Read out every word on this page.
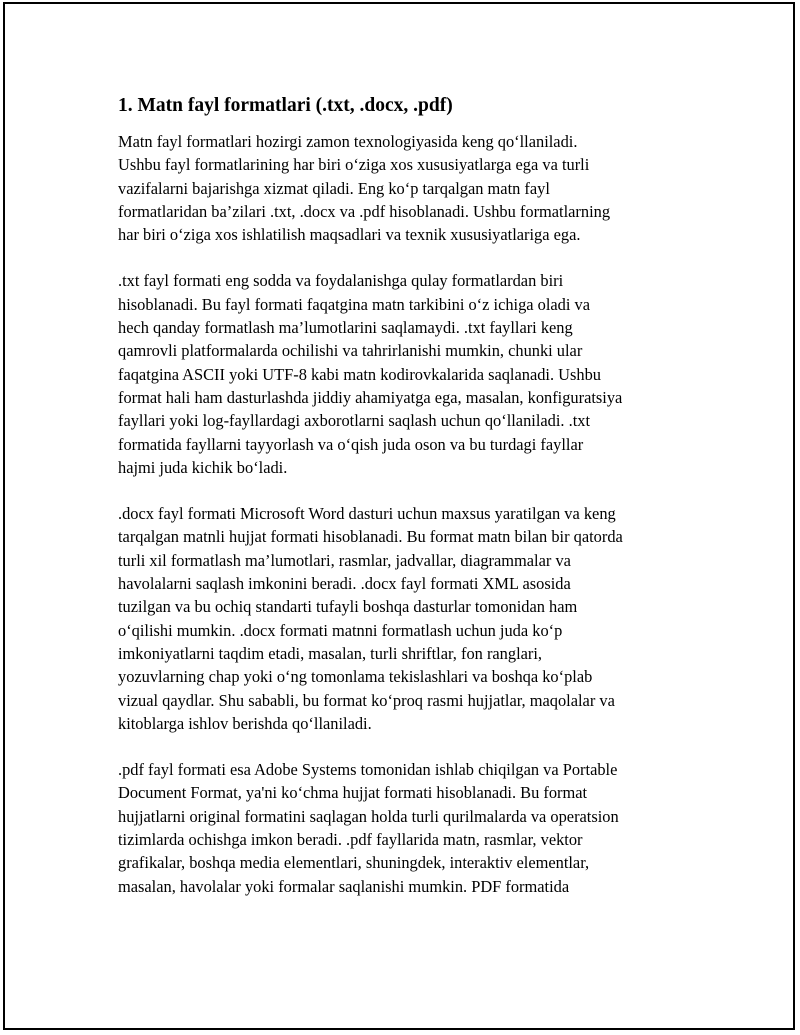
1. Matn fayl formatlari (.txt, .docx, .pdf)
Matn fayl formatlari hozirgi zamon texnologiyasida keng qo‘llaniladi.
Ushbu fayl formatlarining har biri o‘ziga xos xususiyatlarga ega va turli
vazifalarni bajarishga xizmat qiladi. Eng ko‘p tarqalgan matn fayl
formatlaridan ba’zilari .txt, .docx va .pdf hisoblanadi. Ushbu formatlarning
har biri o‘ziga xos ishlatilish maqsadlari va texnik xususiyatlariga ega.
.txt fayl formati eng sodda va foydalanishga qulay formatlardan biri
hisoblanadi. Bu fayl formati faqatgina matn tarkibini o‘z ichiga oladi va
hech qanday formatlash ma’lumotlarini saqlamaydi. .txt fayllari keng
qamrovli platformalarda ochilishi va tahrirlanishi mumkin, chunki ular
faqatgina ASCII yoki UTF-8 kabi matn kodirovkalarida saqlanadi. Ushbu
format hali ham dasturlashda jiddiy ahamiyatga ega, masalan, konfiguratsiya
fayllari yoki log-fayllardagi axborotlarni saqlash uchun qo‘llaniladi. .txt
formatida fayllarni tayyorlash va o‘qish juda oson va bu turdagi fayllar
hajmi juda kichik bo‘ladi.
.docx fayl formati Microsoft Word dasturi uchun maxsus yaratilgan va keng
tarqalgan matnli hujjat formati hisoblanadi. Bu format matn bilan bir qatorda
turli xil formatlash ma’lumotlari, rasmlar, jadvallar, diagrammalar va
havolalarni saqlash imkonini beradi. .docx fayl formati XML asosida
tuzilgan va bu ochiq standarti tufayli boshqa dasturlar tomonidan ham
o‘qilishi mumkin. .docx formati matnni formatlash uchun juda ko‘p
imkoniyatlarni taqdim etadi, masalan, turli shriftlar, fon ranglari,
yozuvlarning chap yoki o‘ng tomonlama tekislashlari va boshqa ko‘plab
vizual qaydlar. Shu sababli, bu format ko‘proq rasmi hujjatlar, maqolalar va
kitoblarga ishlov berishda qo‘llaniladi.
.pdf fayl formati esa Adobe Systems tomonidan ishlab chiqilgan va Portable
Document Format, ya'ni ko‘chma hujjat formati hisoblanadi. Bu format
hujjatlarni original formatini saqlagan holda turli qurilmalarda va operatsion
tizimlarda ochishga imkon beradi. .pdf fayllarida matn, rasmlar, vektor
grafikalar, boshqa media elementlari, shuningdek, interaktiv elementlar,
masalan, havolalar yoki formalar saqlanishi mumkin. PDF formatida
